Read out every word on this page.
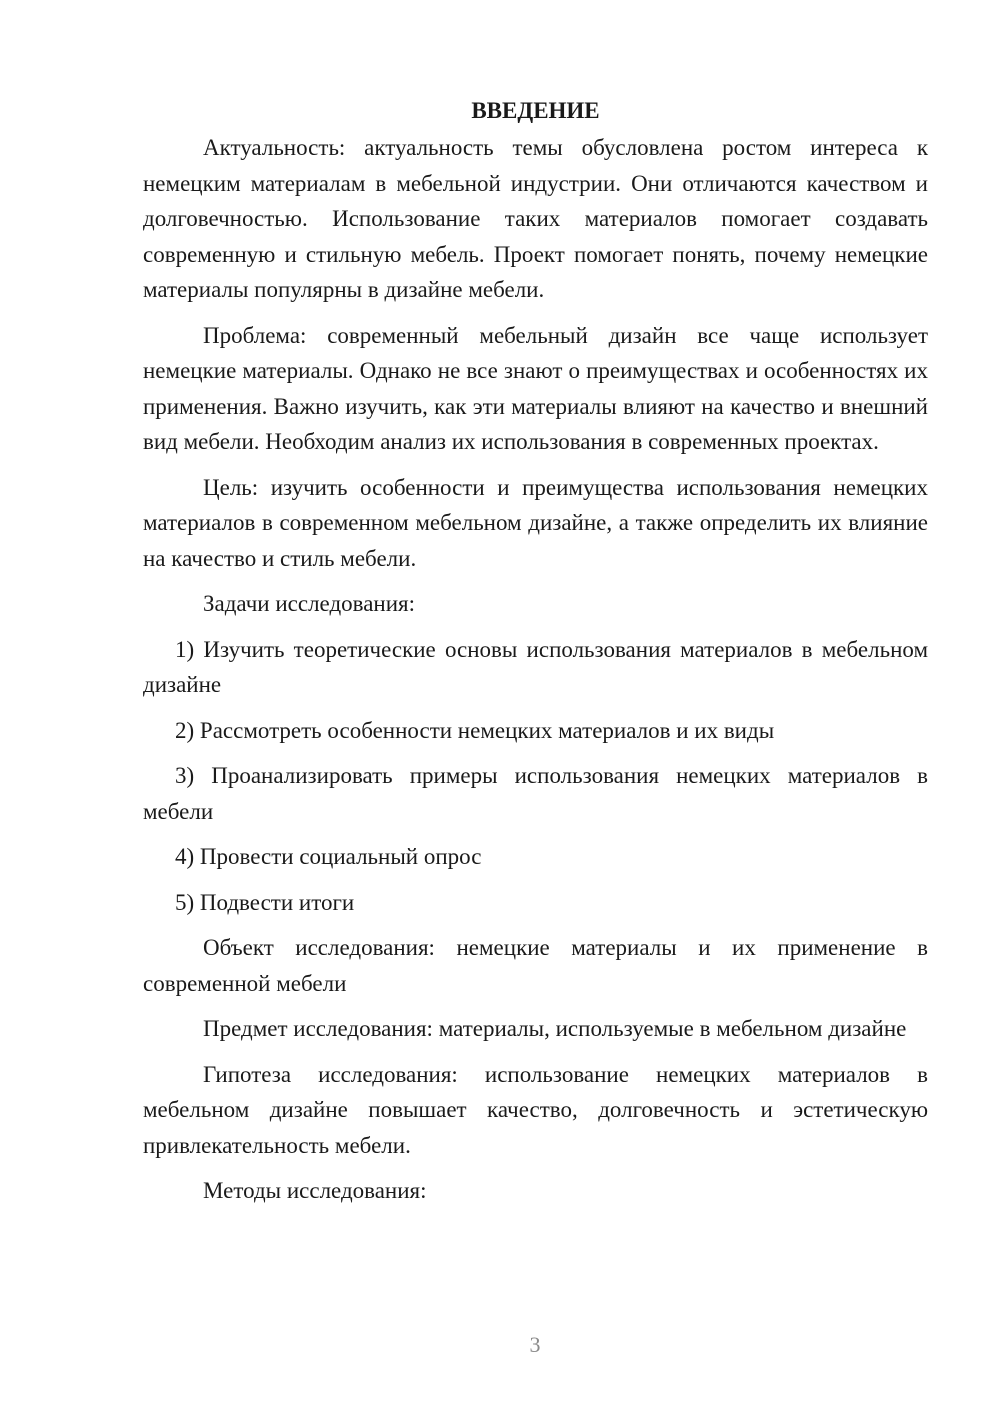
ВВЕДЕНИЕ

Актуальность: актуальность темы обусловлена ростом интереса к немецким материалам в мебельной индустрии. Они отличаются качеством и долговечностью. Использование таких материалов помогает создавать современную и стильную мебель. Проект помогает понять, почему немецкие материалы популярны в дизайне мебели.

Проблема: современный мебельный дизайн все чаще использует немецкие материалы. Однако не все знают о преимуществах и особенностях их применения. Важно изучить, как эти материалы влияют на качество и внешний вид мебели. Необходим анализ их использования в современных проектах.

Цель: изучить особенности и преимущества использования немецких материалов в современном мебельном дизайне, а также определить их влияние на качество и стиль мебели.

Задачи исследования:

1) Изучить теоретические основы использования материалов в мебельном дизайне

2) Рассмотреть особенности немецких материалов и их виды

3) Проанализировать примеры использования немецких материалов в мебели

4) Провести социальный опрос

5) Подвести итоги

Объект исследования: немецкие материалы и их применение в современной мебели

Предмет исследования: материалы, используемые в мебельном дизайне

Гипотеза исследования: использование немецких материалов в мебельном дизайне повышает качество, долговечность и эстетическую привлекательность мебели.

Методы исследования:

3
